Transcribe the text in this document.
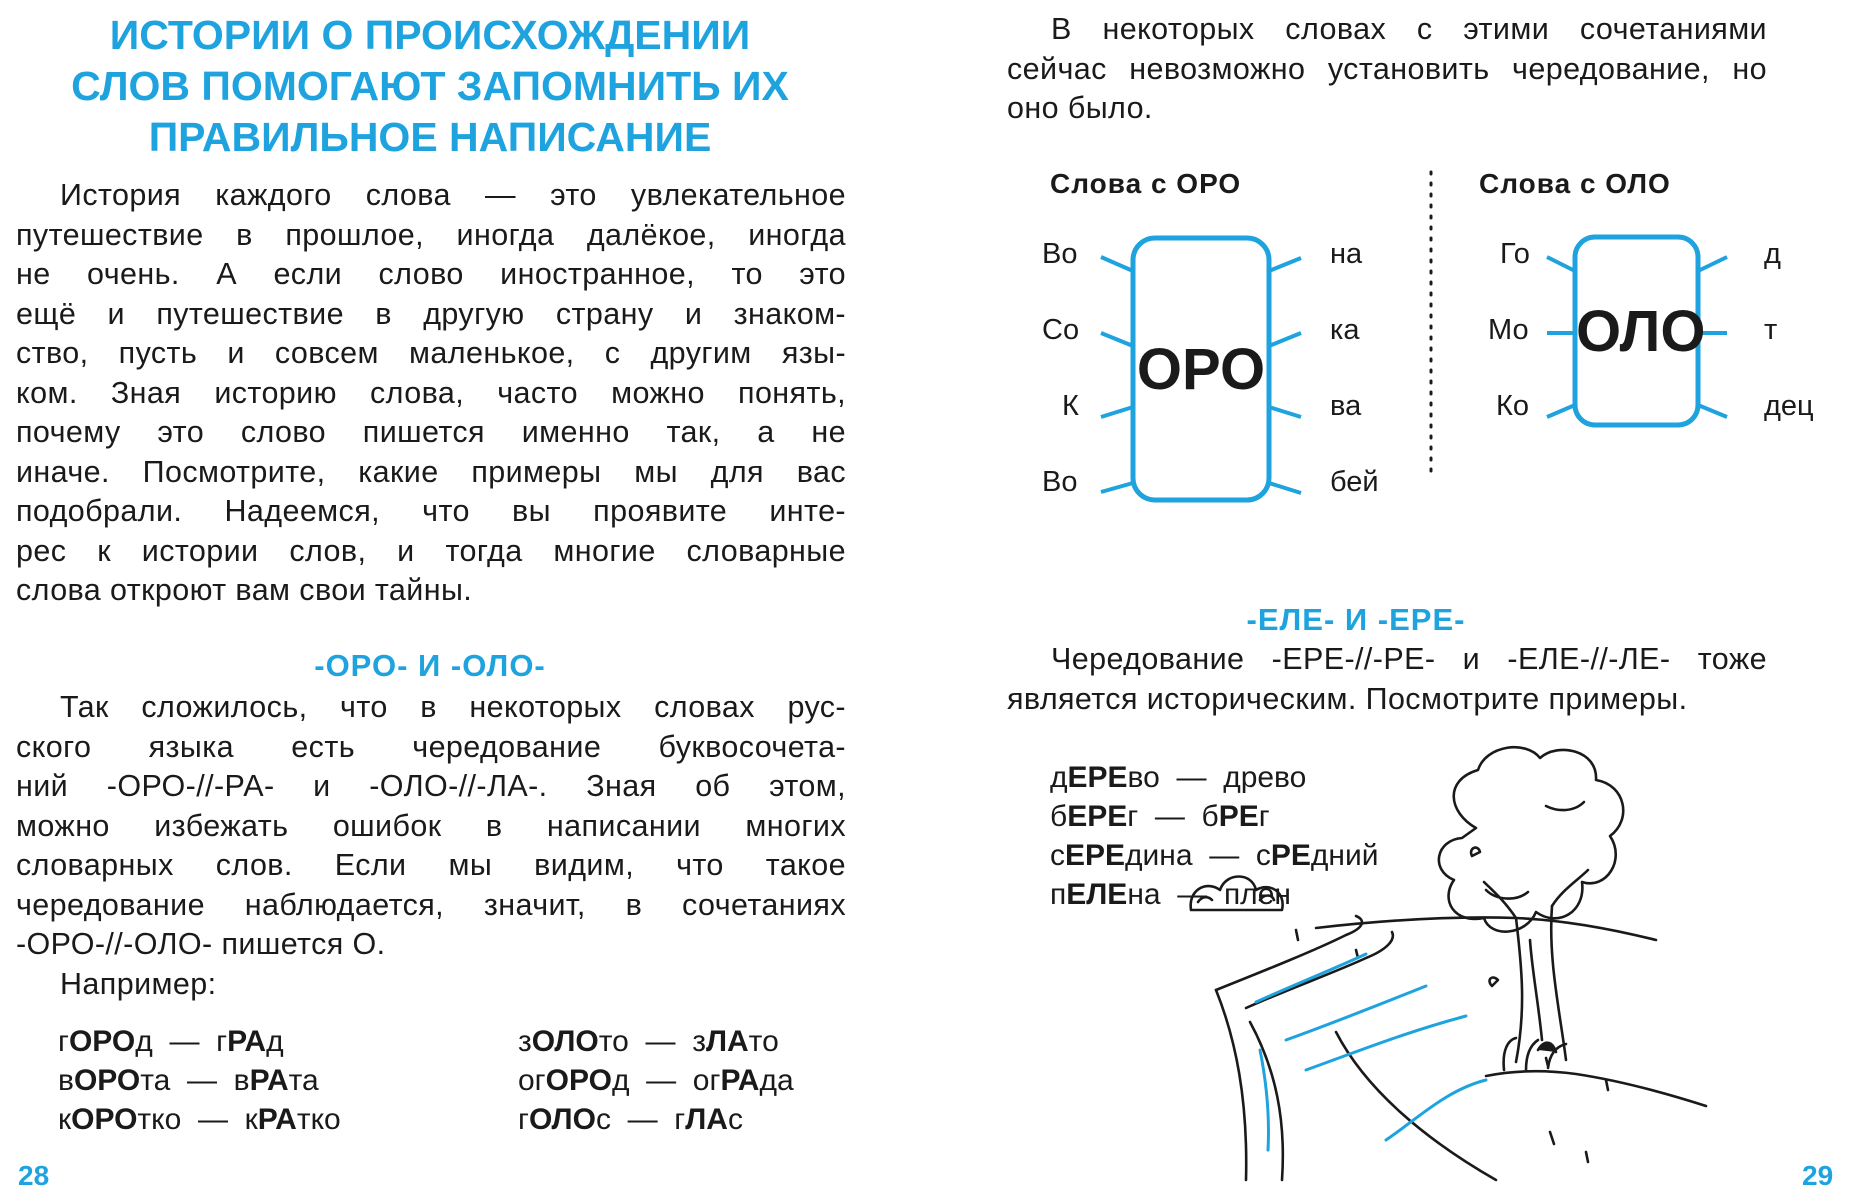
ИСТОРИИ О ПРОИСХОЖДЕНИИ
СЛОВ ПОМОГАЮТ ЗАПОМНИТЬ ИХ
ПРАВИЛЬНОЕ НАПИСАНИЕ
История каждого слова — это увлекательное
путешествие в прошлое, иногда далёкое, иногда
не очень. А если слово иностранное, то это
ещё и путешествие в другую страну и знаком-
ство, пусть и совсем маленькое, с другим язы-
ком. Зная историю слова, часто можно понять,
почему это слово пишется именно так, а не
иначе. Посмотрите, какие примеры мы для вас
подобрали. Надеемся, что вы проявите инте-
рес к истории слов, и тогда многие словарные
слова откроют вам свои тайны.
-ОРО- И -ОЛО-
Так сложилось, что в некоторых словах рус-
ского языка есть чередование буквосочета-
ний -ОРО-//-РА- и -ОЛО-//-ЛА-. Зная об этом,
можно избежать ошибок в написании многих
словарных слов. Если мы видим, что такое
чередование наблюдается, значит, в сочетаниях
-ОРО-//-ОЛО- пишется О.
Например:
гОРОд — гРАд
вОРОта — вРАта
кОРОтко — кРАтко
зОЛОто — зЛАто
огОРОд — огРАда
гОЛОс — гЛАс
28
В некоторых словах с этими сочетаниями
сейчас невозможно установить чередование, но
оно было.
Слова с ОРО
ОРО
Во
Со
К
Во
на
ка
ва
бей
Слова с ОЛО
ОЛО
Го
Мо
Ко
д
т
дец
-ЕЛЕ- И -ЕРЕ-
Чередование -ЕРЕ-//-РЕ- и -ЕЛЕ-//-ЛЕ- тоже
является историческим. Посмотрите примеры.
дЕРЕво — древо
бЕРЕг — бРЕг
сЕРЕдина — сРЕдний
пЕЛЕна — плен
29
